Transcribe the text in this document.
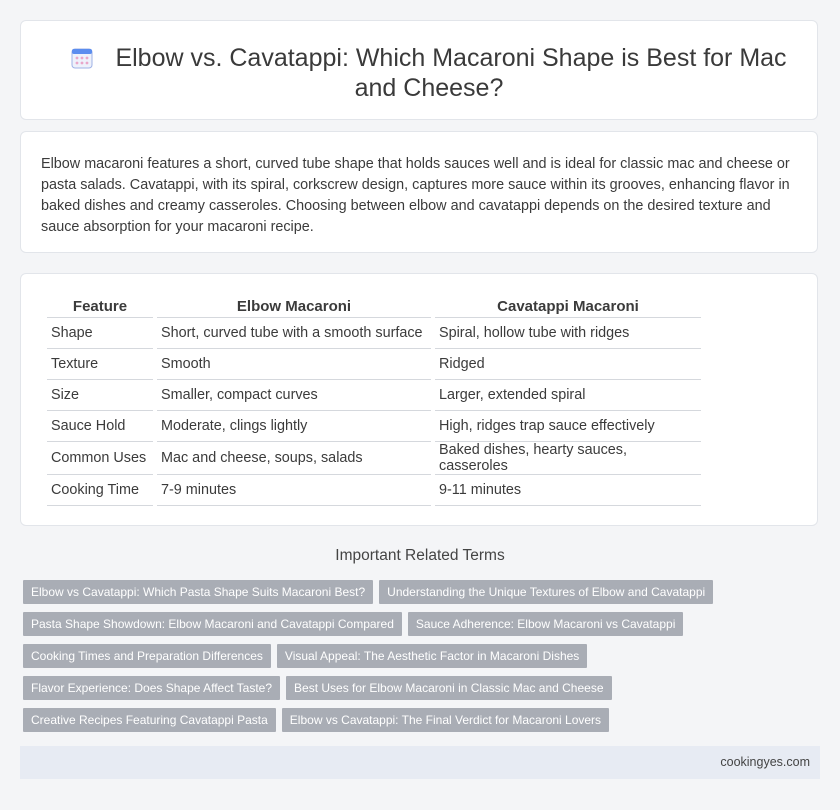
Elbow vs. Cavatappi: Which Macaroni Shape is Best for Mac and Cheese?

Elbow macaroni features a short, curved tube shape that holds sauces well and is ideal for classic mac and cheese or pasta salads. Cavatappi, with its spiral, corkscrew design, captures more sauce within its grooves, enhancing flavor in baked dishes and creamy casseroles. Choosing between elbow and cavatappi depends on the desired texture and sauce absorption for your macaroni recipe.

Feature	Elbow Macaroni	Cavatappi Macaroni
Shape	Short, curved tube with a smooth surface	Spiral, hollow tube with ridges
Texture	Smooth	Ridged
Size	Smaller, compact curves	Larger, extended spiral
Sauce Hold	Moderate, clings lightly	High, ridges trap sauce effectively
Common Uses	Mac and cheese, soups, salads	Baked dishes, hearty sauces, casseroles
Cooking Time	7-9 minutes	9-11 minutes
Important Related Terms
Elbow vs Cavatappi: Which Pasta Shape Suits Macaroni Best? Understanding the Unique Textures of Elbow and Cavatappi
Pasta Shape Showdown: Elbow Macaroni and Cavatappi Compared Sauce Adherence: Elbow Macaroni vs Cavatappi
Cooking Times and Preparation Differences Visual Appeal: The Aesthetic Factor in Macaroni Dishes
Flavor Experience: Does Shape Affect Taste? Best Uses for Elbow Macaroni in Classic Mac and Cheese
Creative Recipes Featuring Cavatappi Pasta Elbow vs Cavatappi: The Final Verdict for Macaroni Lovers
cookingyes.com
